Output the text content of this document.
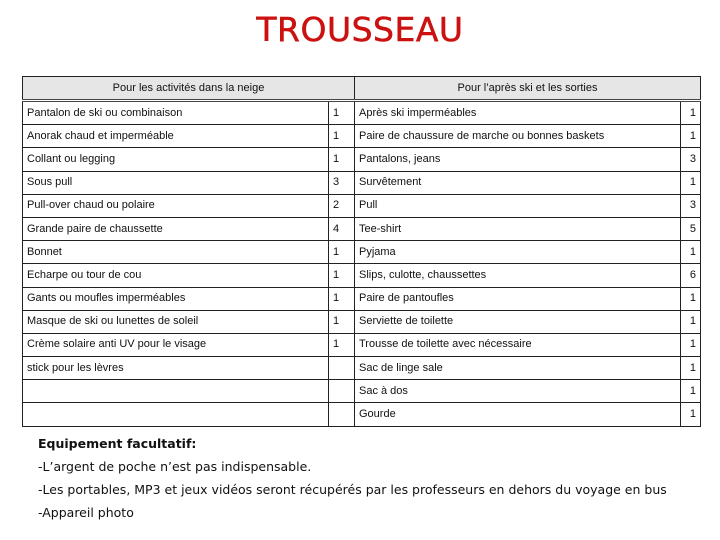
TROUSSEAU
Pour les activités dans la neige		Pour l’après ski et les sorties	
Pantalon de ski ou combinaison	1	Après ski imperméables	1
Anorak chaud et imperméable	1	Paire de chaussure de marche ou bonnes baskets	1
Collant ou legging	1	Pantalons, jeans	3
Sous pull	3	Survêtement	1
Pull-over chaud ou polaire	2	Pull	3
Grande paire de chaussette	4	Tee-shirt	5
Bonnet	1	Pyjama	1
Echarpe ou tour de cou	1	Slips, culotte, chaussettes	6
Gants ou moufles imperméables	1	Paire de pantoufles	1
Masque de ski ou lunettes de soleil	1	Serviette de toilette	1
Crème solaire anti UV pour le visage	1	Trousse de toilette avec nécessaire	1
stick pour les lèvres		Sac de linge sale	1
		Sac à dos	1
		Gourde	1
Equipement facultatif:
-L’argent de poche n’est pas indispensable.
-Les portables, MP3 et jeux vidéos seront récupérés par les professeurs en dehors du voyage en bus
-Appareil photo
